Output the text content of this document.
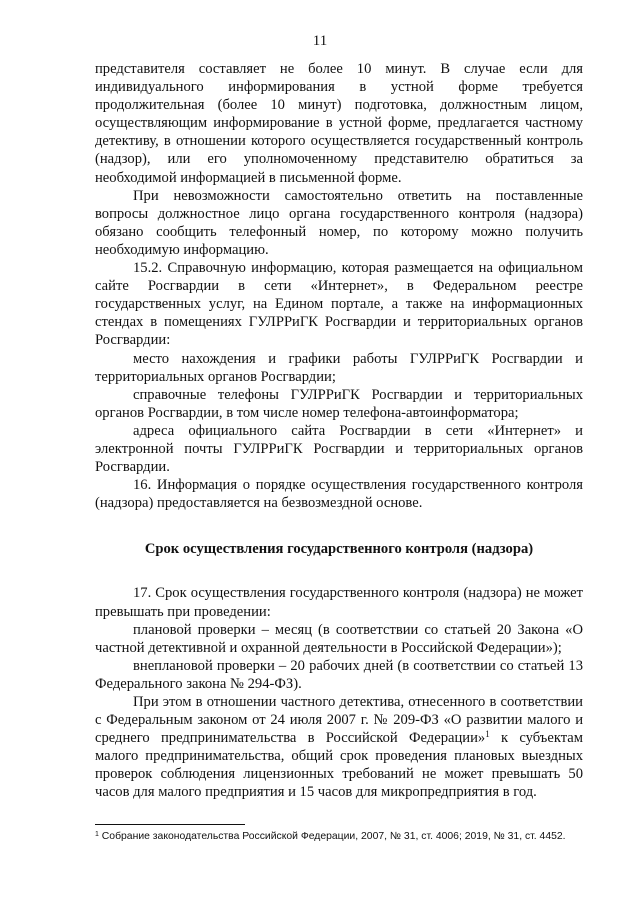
11

представителя составляет не более 10 минут. В случае если для индивидуального информирования в устной форме требуется продолжительная (более 10 минут) подготовка, должностным лицом, осуществляющим информирование в устной форме, предлагается частному детективу, в отношении которого осуществляется государственный контроль (надзор), или его уполномоченному представителю обратиться за необходимой информацией в письменной форме.

При невозможности самостоятельно ответить на поставленные вопросы должностное лицо органа государственного контроля (надзора) обязано сообщить телефонный номер, по которому можно получить необходимую информацию.

15.2. Справочную информацию, которая размещается на официальном сайте Росгвардии в сети «Интернет», в Федеральном реестре государственных услуг, на Едином портале, а также на информационных стендах в помещениях ГУЛРРиГК Росгвардии и территориальных органов Росгвардии:

место нахождения и графики работы ГУЛРРиГК Росгвардии и территориальных органов Росгвардии;

справочные телефоны ГУЛРРиГК Росгвардии и территориальных органов Росгвардии, в том числе номер телефона-автоинформатора;

адреса официального сайта Росгвардии в сети «Интернет» и электронной почты ГУЛРРиГК Росгвардии и территориальных органов Росгвардии.

16. Информация о порядке осуществления государственного контроля (надзора) предоставляется на безвозмездной основе.

Срок осуществления государственного контроля (надзора)

17. Срок осуществления государственного контроля (надзора) не может превышать при проведении:

плановой проверки – месяц (в соответствии со статьей 20 Закона «О частной детективной и охранной деятельности в Российской Федерации»);

внеплановой проверки – 20 рабочих дней (в соответствии со статьей 13 Федерального закона № 294-ФЗ).

При этом в отношении частного детектива, отнесенного в соответствии с Федеральным законом от 24 июля 2007 г. № 209-ФЗ «О развитии малого и среднего предпринимательства в Российской Федерации»$^1$ к субъектам малого предпринимательства, общий срок проведения плановых выездных проверок соблюдения лицензионных требований не может превышать 50 часов для малого предприятия и 15 часов для микропредприятия в год.

$^1$ Собрание законодательства Российской Федерации, 2007, № 31, ст. 4006; 2019, № 31, ст. 4452.
